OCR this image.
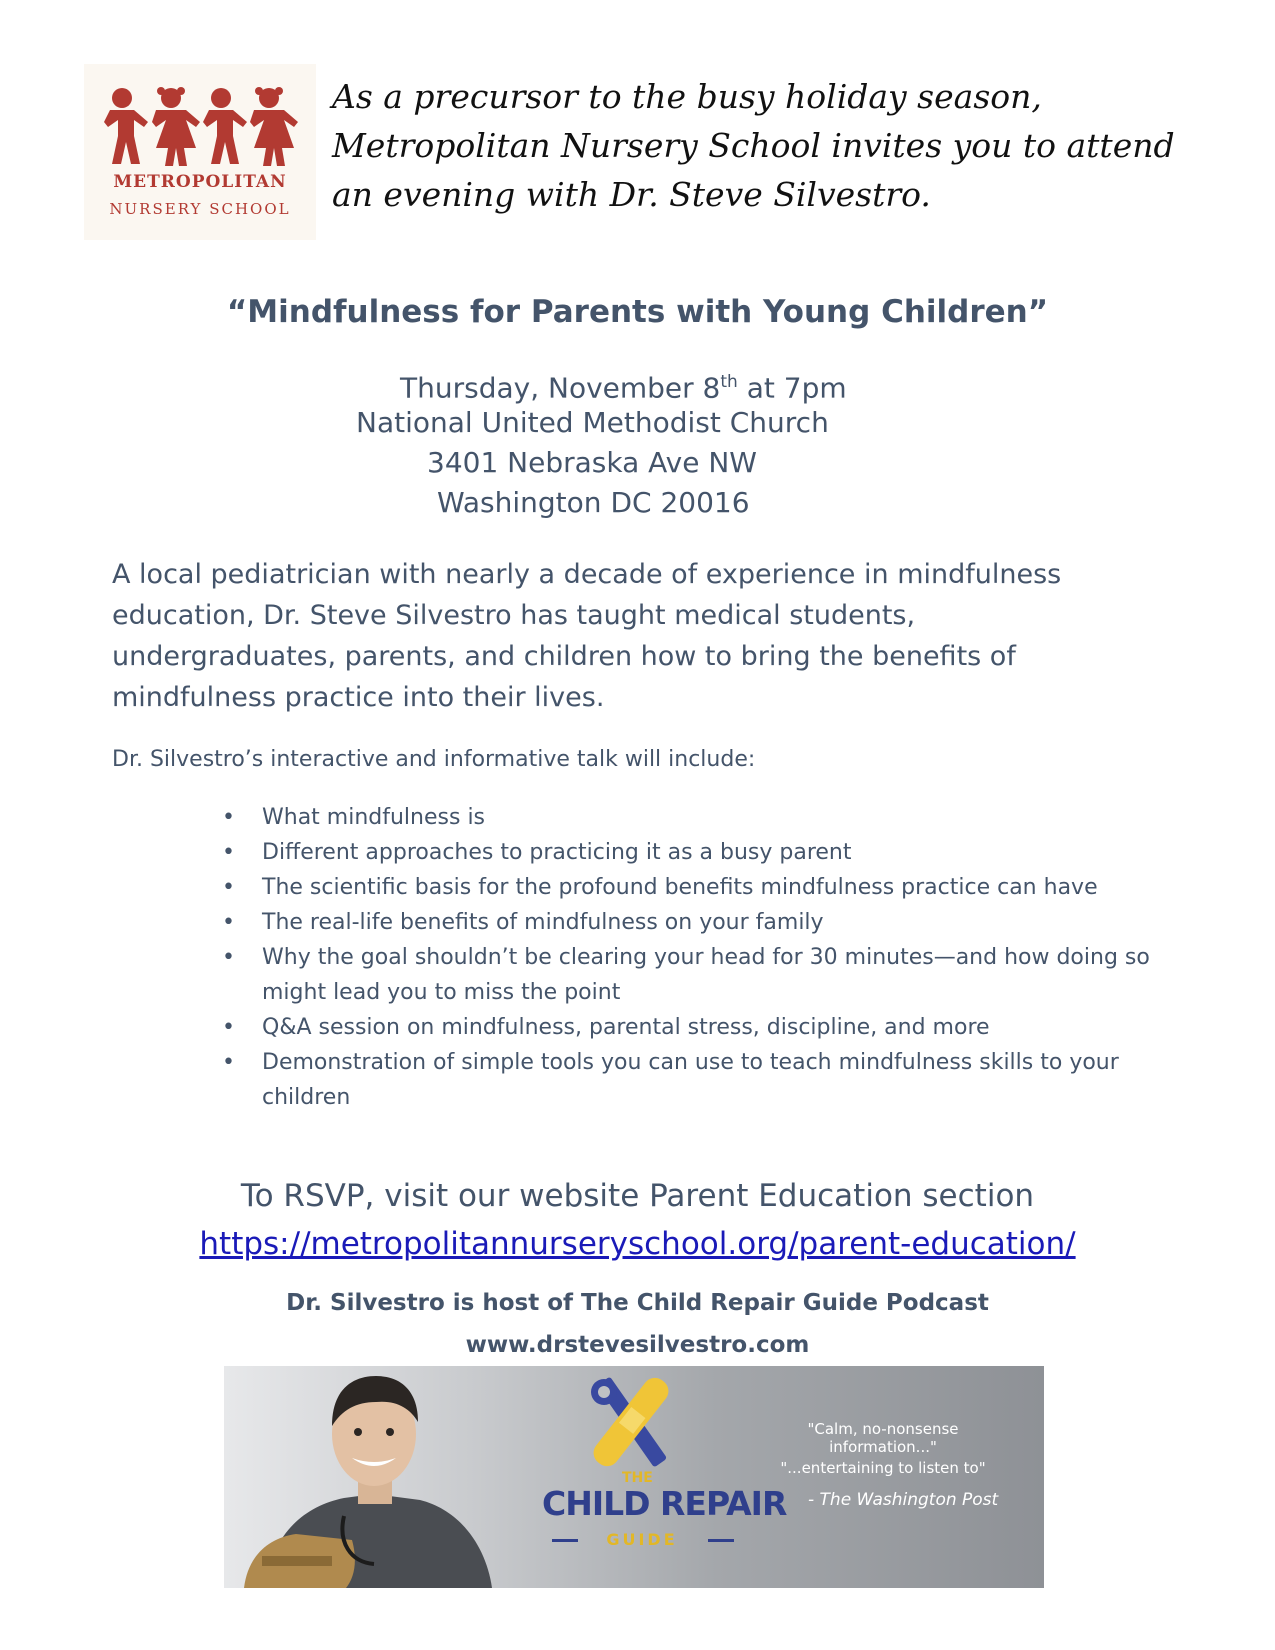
METROPOLITAN
NURSERY SCHOOL

As a precursor to the busy holiday season,
Metropolitan Nursery School invites you to attend
an evening with Dr. Steve Silvestro.

“Mindfulness for Parents with Young Children”
Thursday, November 8th at 7pm
National United Methodist Church
3401 Nebraska Ave NW
Washington DC 20016

A local pediatrician with nearly a decade of experience in mindfulness
education, Dr. Steve Silvestro has taught medical students,
undergraduates, parents, and children how to bring the benefits of
mindfulness practice into their lives.

Dr. Silvestro’s interactive and informative talk will include:

• What mindfulness is
• Different approaches to practicing it as a busy parent
• The scientific basis for the profound benefits mindfulness practice can have
• The real-life benefits of mindfulness on your family
• Why the goal shouldn’t be clearing your head for 30 minutes—and how doing so might lead you to miss the point
• Q&A session on mindfulness, parental stress, discipline, and more
• Demonstration of simple tools you can use to teach mindfulness skills to your children

To RSVP, visit our website Parent Education section

https://metropolitannurseryschool.org/parent-education/

Dr. Silvestro is host of The Child Repair Guide Podcast

www.drstevesilvestro.com

THE
CHILD REPAIR
GUIDE
"Calm, no-nonsense
information..."
"...entertaining to listen to"
- The Washington Post
